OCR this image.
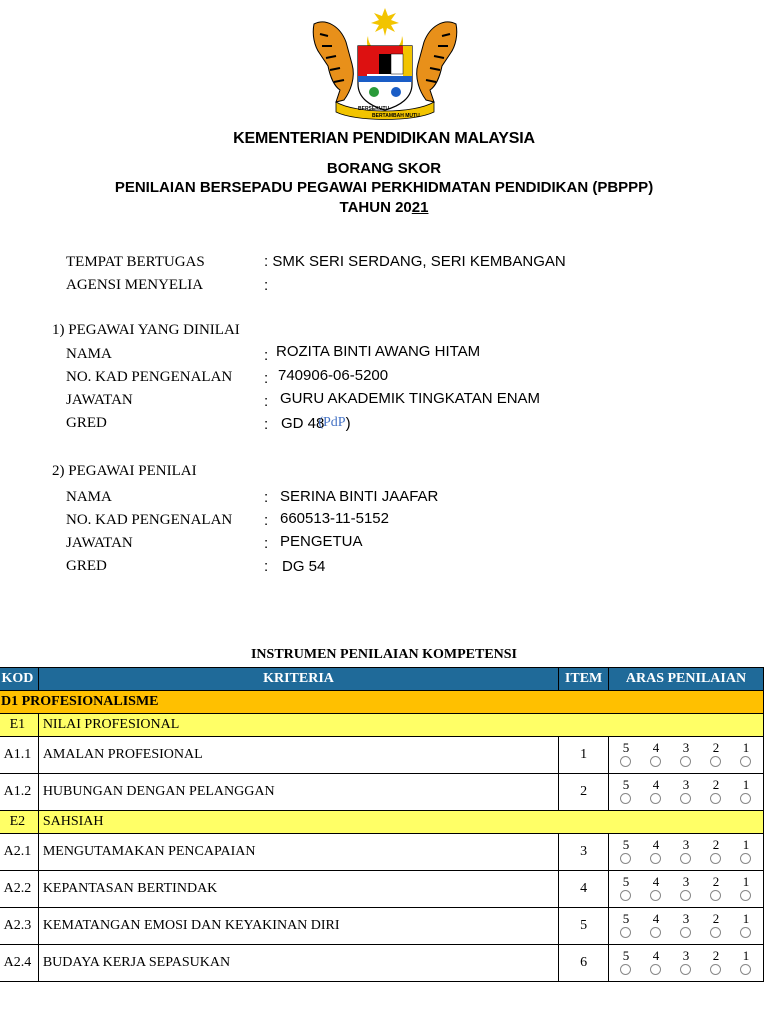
BERSEKUTU
BERTAMBAH MUTU
KEMENTERIAN PENDIDIKAN MALAYSIA
BORANG SKOR
PENILAIAN BERSEPADU PEGAWAI PERKHIDMATAN PENDIDIKAN (PBPPP)
TAHUN 2021
TEMPAT BERTUGAS	: SMK SERI SERDANG, SERI KEMBANGAN
AGENSI MENYELIA	:
1) PEGAWAI YANG DINILAI
NAMA	: ROZITA BINTI AWANG HITAM
NO. KAD PENGENALAN : 740906-06-5200
JAWATAN	: GURU AKADEMIK TINGKATAN ENAM
GRED	: GD 48(PdP)
2) PEGAWAI PENILAI
NAMA	: SERINA BINTI JAAFAR
NO. KAD PENGENALAN : 660513-11-5152
JAWATAN	: PENGETUA
GRED	: DG 54
INSTRUMEN PENILAIAN KOMPETENSI
KOD	KRITERIA	ITEM	ARAS PENILAIAN
D1 PROFESIONALISME			
E1	NILAI PROFESIONAL		
A1.1	AMALAN PROFESIONAL	1	5 4 3 2 1

A1.2	HUBUNGAN DENGAN PELANGGAN	2	5 4 3 2 1

E2	SAHSIAH		
A2.1	MENGUTAMAKAN PENCAPAIAN	3	5 4 3 2 1

A2.2	KEPANTASAN BERTINDAK	4	5 4 3 2 1

A2.3	KEMATANGAN EMOSI DAN KEYAKINAN DIRI	5	5 4 3 2 1

A2.4	BUDAYA KERJA SEPASUKAN	6	5 4 3 2 1
